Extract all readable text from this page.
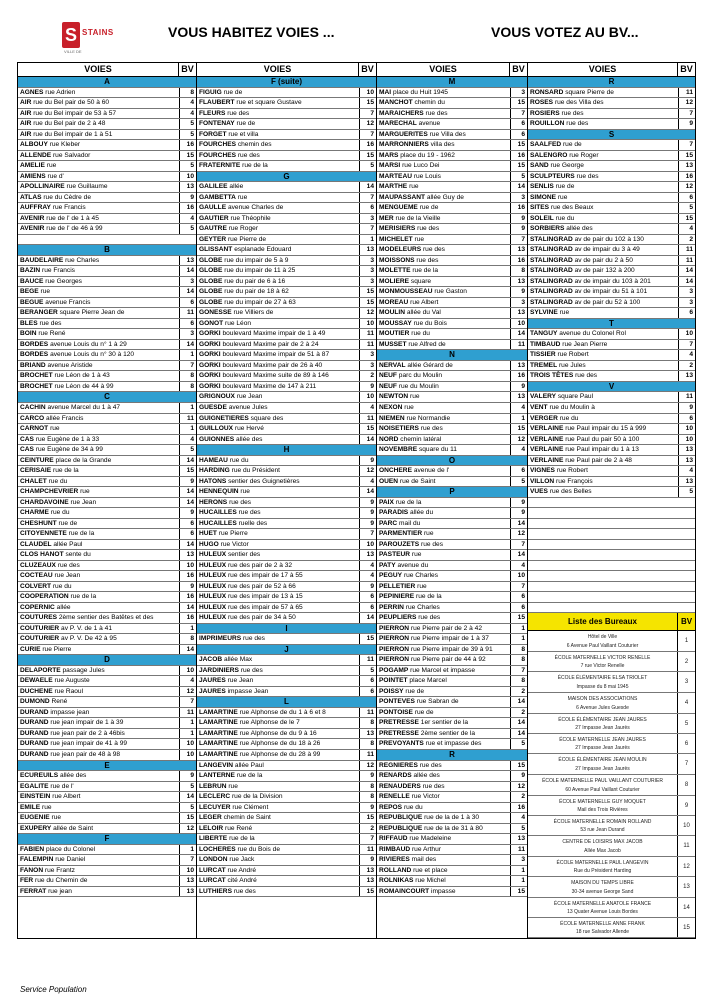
S STAINS
VILLE DE
VOUS HABITEZ VOIES ...	VOUS VOTEZ AU BV...
VOIES	BV
A
AGNES rue Adrien	8
AIR rue du Bel pair de 50 à 60	4
AIR rue du Bel impair de 53 à 57	4
AIR rue du Bel pair de 2 à 48	5
AIR rue du Bel impair de 1 à 51	5
ALBOUY rue Kleber	16
ALLENDE rue Salvador	15
AMELIE rue	5
AMIENS rue d'	10
APOLLINAIRE rue Guillaume	13
ATLAS rue du Cèdre de	9
AUFFRAY rue Francis	16
AVENIR rue de l' de 1 à 45	4
AVENIR rue de l' de 46 à 99	5
B
BAUDELAIRE rue Charles	13
BAZIN rue Francis	14
BAUCE rue Georges	3
BEGE rue	14
BEGUE avenue Francis	6
BERANGER square Pierre Jean de	11
BLES rue des	6
BOIN rue René	3
BORDES avenue Louis du n° 1 à 29	14
BORDES avenue Louis du n° 30 à 120	1
BRIAND avenue Aristide	7
BROCHET rue Léon de 1 à 43	8
BROCHET rue Léon de 44 à 99	8
C
CACHIN avenue Marcel du 1 à 47	1
CARCO allée Francis	11
CARNOT rue	1
CAS rue Eugène de 1 à 33	4
CAS rue Eugène de 34 à 99	5
CEINTURE place de la Grande	14
CERISAIE rue de la	15
CHALET rue du	9
CHAMPCHEVRIER rue	14
CHARDAVOINE rue Jean	14
CHARME rue du	9
CHESHUNT rue de	6
CITOYENNETE rue de la	6
CLAUDEL allée Paul	14
CLOS HANOT sente du	13
CLUZEAUX rue des	10
COCTEAU rue Jean	16
COLVERT rue du	9
COOPERATION rue de la	16
COPERNIC allée	14
COUTURES 2ème sentier des Batêtes et des	16
COUTURIER av P. V. de 1 à 41	1
COUTURIER av P. V. De 42 à 95	8
CURIE rue Pierre	14
D
DELAPORTE passage Jules	10
DEWAELE rue Auguste	4
DUCHENE rue Raoul	12
DUMOND René	7
DURAND impasse jean	11
DURAND rue jean impair de 1 à 39	1
DURAND rue jean pair de 2 à 46bis	1
DURAND rue jean impair de 41 à 99	10
DURAND rue jean pair de 48 à 98	10
E
ECUREUILS allée des	9
EGALITE rue de l'	5
EINSTEIN rue Albert	14
EMILE rue	5
EUGENIE rue	15
EXUPERY allée de Saint	12
F
FABIEN place du Colonel	1
FALEMPIN rue Daniel	7
FANON rue Frantz	10
FER rue du Chemin de	13
FERRAT rue jean	13
VOIES	BV
F (suite)
FIGUIG rue de	10
FLAUBERT rue et square Gustave	15
FLEURS rue des	7
FONTENAY rue de	12
FORGET rue et villa	7
FOURCHES chemin des	16
FOURCHES rue des	15
FRATERNITE rue de la	5
G
GALILEE allée	14
GAMBETTA rue	7
GAULLE avenue Charles de	6
GAUTIER rue Théophile	3
GAUTRE rue Roger	7
GEYTER rue Pierre de	1
GLISSANT esplanade Edouard	13
GLOBE rue du impair de 5 à 9	3
GLOBE rue du impair de 11 à 25	3
GLOBE rue du pair de 6 à 16	3
GLOBE rue du pair de 18 à 62	15
GLOBE rue du impair de 27 à 63	15
GONESSE rue Villiers de	12
GONOT rue Léon	10
GORKI boulevard Maxime impair de 1 à 49	11
GORKI boulevard Maxime pair de 2 à 24	11
GORKI boulevard Maxime impair de 51 à 87	3
GORKI boulevard Maxime pair de 26 à 40	3
GORKI boulevard Maxime suite de 89 à 146	2
GORKI boulevard Maxime de 147 à 211	9
GRIGNOUX rue Jean	10
GUESDE avenue Jules	4
GUIGNETIERES square des	11
GUILLOUX rue Hervé	15
GUIONNES allée des	14
H
HAMEAU rue du	9
HARDING rue du Président	12
HATONS sentier des Guignetières	4
HENNEQUIN rue	14
HERONS rue des	9
HUCAILLES rue des	9
HUCAILLES ruelle des	9
HUET rue Pierre	7
HUGO rue Victor	10
HULEUX sentier des	13
HULEUX rue des pair de 2 à 32	4
HULEUX rue des impair de 17 à 55	4
HULEUX rue des pair de 52 à 66	9
HULEUX rue des impair de 13 à 15	6
HULEUX rue des impair de 57 à 65	6
HULEUX rue des pair de 34 à 50	14
I
IMPRIMEURS rue des	15
J
JACOB allée Max	11
JARDINIERS rue des	5
JAURES rue Jean	6
JAURES impasse Jean	6
L
LAMARTINE rue Alphonse de du 1 à 6 et 8	11
LAMARTINE rue Alphonse de le 7	8
LAMARTINE rue Alphonse de du 9 à 16	13
LAMARTINE rue Alphonse de du 18 à 26	8
LAMARTINE rue Alphonse de du 28 à 99	11
LANGEVIN allée Paul	12
LANTERNE rue de la	9
LEBRUN rue	8
LECLERC rue de la Division	8
LECUYER rue Clément	9
LEGER chemin de Saint	15
LELOIR rue René	2
LIBERTE rue de la	7
LOCHERES rue du Bois de	11
LONDON rue Jack	9
LURCAT rue André	13
LURCAT cité André	13
LUTHIERS rue des	15
VOIES	BV
M
MAI place du Huit 1945	3
MANCHOT chemin du	15
MARAICHERS rue des	7
MARECHAL avenue	6
MARGUERITES rue Villa des	6
MARRONNIERS villa des	15
MARS place du 19 - 1962	16
MARSI rue Luco Dei	15
MARTEAU rue Louis	5
MARTHE rue	14
MAUPASSANT allée Guy de	3
MENGUEME rue de	16
MER rue de la Vieille	9
MERISIERS rue des	9
MICHELET rue	7
MODELEURS rue des	13
MOISSONS rue des	16
MOLETTE rue de la	8
MOLIERE square	13
MONMOUSSEAU rue Gaston	9
MOREAU rue Albert	3
MOULIN allée du Val	13
MOUSSAY rue du Bois	10
MOUTIER rue du	14
MUSSET rue Alfred de	11
N
NERVAL allée Gérard de	13
NEUF parc du Moulin	16
NEUF rue du Moulin	9
NEWTON rue	13
NEXON rue	4
NIEMEN rue Normandie	1
NOISETIERS rue des	15
NORD chemin latéral	12
NOVEMBRE square du 11	4
O
ONCHERE avenue de l'	6
OUEN rue de Saint	5
P
PAIX rue de la	9
PARADIS allée du	9
PARC mail du	14
PARMENTIER rue	12
PAROUZETS rue des	7
PASTEUR rue	14
PATY avenue du	4
PEGUY rue Charles	10
PELLETIER rue	7
PEPINIERE rue de la	6
PERRIN rue Charles	6
PEUPLIERS rue des	15
PIERRON rue Pierre pair de 2 à 42	1
PIERRON rue Pierre impair de 1 à 37	1
PIERRON rue Pierre impair de 39 à 91	8
PIERRON rue Pierre pair de 44 à 92	8
POGAMP rue Marcel et impasse	7
POINTET place Marcel	8
POISSY rue de	2
PONTEVES rue Sabran de	14
PONTOISE rue de	2
PRETRESSE 1er sentier de la	14
PRETRESSE 2ème sentier de la	14
PREVOYANTS rue et impasse des	5
R
REGNIERES rue des	15
RENARDS allée des	9
RENAUDERS rue des	12
RENELLE rue Victor	2
REPOS rue du	16
REPUBLIQUE rue de la de 1 à 30	4
REPUBLIQUE rue de la de 31 à 80	5
RIFFAUD rue Madeleine	13
RIMBAUD rue Arthur	11
RIVIERES mail des	3
ROLLAND rue et place	1
ROLNIKAS rue Michel	1
ROMAINCOURT impasse	15
VOIES	BV
R
RONSARD square Pierre de	11
ROSES rue des Villa des	12
ROSIERS rue des	7
ROUILLON rue des	9
S
SAALFED rue de	7
SALENGRO rue Roger	15
SAND rue George	13
SCULPTEURS rue des	16
SENLIS rue de	12
SIMONE rue	6
SITES rue des Beaux	5
SOLEIL rue du	15
SORBIERS allée des	4
STALINGRAD av de pair du 102 à 130	2
STALINGRAD av de impair du 3 à 49	11
STALINGRAD av de pair du 2 à 50	11
STALINGRAD av de pair 132 à 200	14
STALINGRAD av de impair du 103 à 201	14
STALINGRAD av de impair du 51 à 101	3
STALINGRAD av de pair du 52 à 100	3
SYLVINE rue	6
T
TANGUY avenue du Colonel Rol	10
TIMBAUD rue Jean Pierre	7
TISSIER rue Robert	4
TREMEL rue Jules	2
TROIS TÊTES rue des	13
V
VALERY square Paul	11
VENT rue du Moulin à	9
VERGER rue du	6
VERLAINE rue Paul impair du 15 à 999	10
VERLAINE rue Paul du pair 50 à 100	10
VERLAINE rue Paul impair du 1 à 13	13
VERLAINE rue Paul pair de 2 à 48	13
VIGNES rue Robert	4
VILLON rue François	13
VUES rue des Belles	5
Liste des Bureaux	BV
Hôtel de Ville
6 Avenue Paul Vaillant Couturier
1
ÉCOLE MATERNELLE VICTOR RENELLE
7 rue Victor Renelle
2
ÉCOLE ÉLÉMENTAIRE ELSA TRIOLET
Impasse du 8 mai 1945
3
MAISON DES ASSOCIATIONS
6 Avenue Jules Guesde
4
ÉCOLE ÉLÉMENTAIRE JEAN JAURES
27 Impasse Jean Jaurès
5
ÉCOLE MATERNELLE JEAN JAURES
27 Impasse Jean Jaurès
6
ÉCOLE ÉLÉMENTAIRE JEAN MOULIN
27 Impasse Jean Jaurès
7
ÉCOLE MATERNELLE PAUL VAILLANT COUTURIER
60 Avenue Paul Vaillant Couturier
8
ÉCOLE MATERNELLE GUY MOQUET
Mail des Trois Rivières
9
ÉCOLE MATERNELLE ROMAIN ROLLAND
53 rue Jean Durand
10
CENTRE DE LOISIRS MAX JACOB
Allée Max Jacob
11
ÉCOLE MATERNELLE PAUL LANGEVIN
Rue du Président Harding
12
MAISON DU TEMPS LIBRE
30-34 avenue George Sand
13
ÉCOLE MATERNELLE ANATOLE FRANCE
13 Quater Avenue Louis Bordes
14
ÉCOLE MATERNELLE ANNE FRANK
18 rue Salvador Allende
15
Service Population
